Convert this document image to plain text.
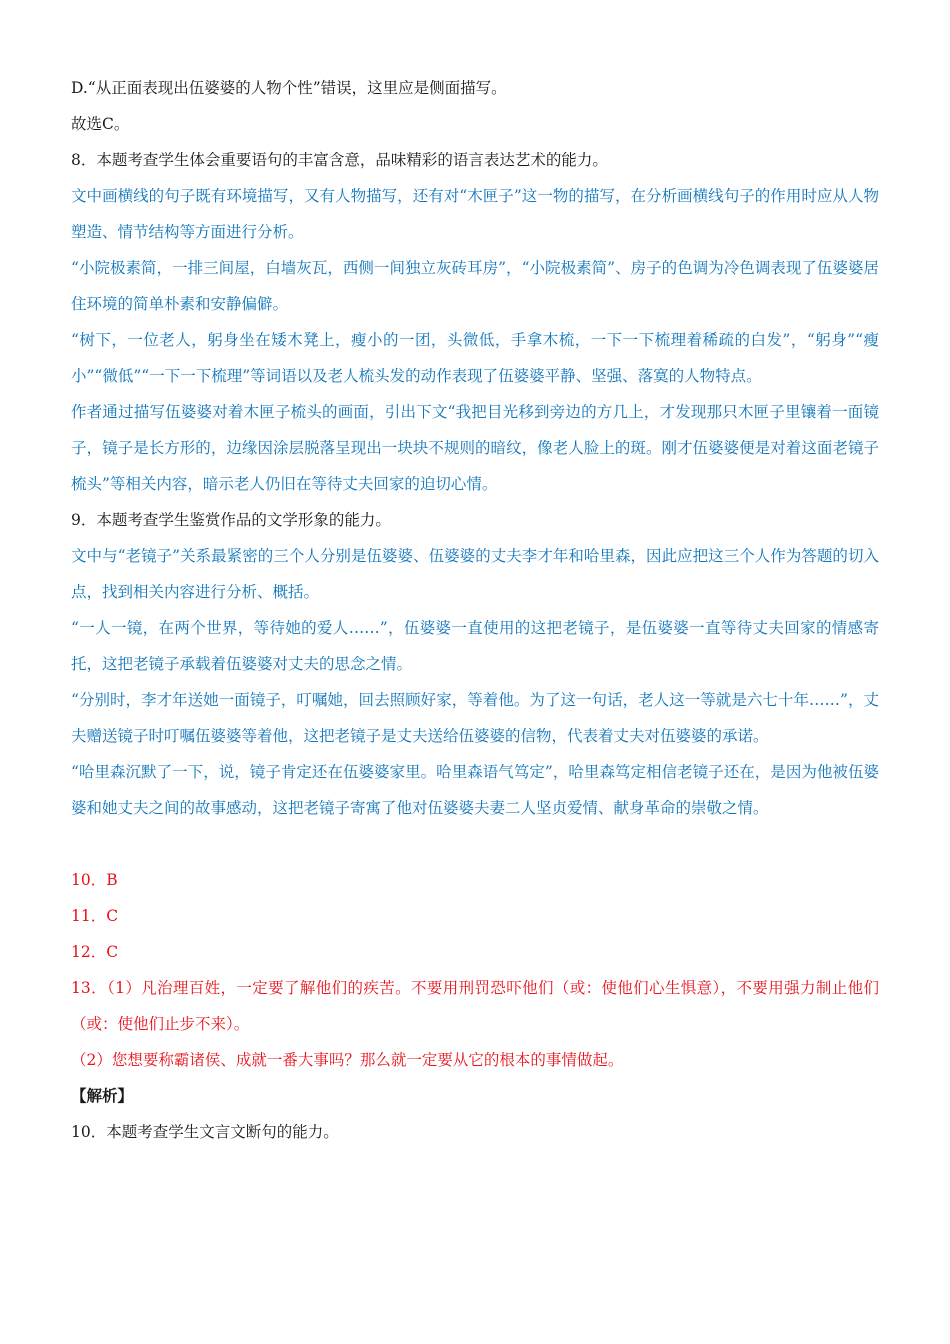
D.“从正面表现出伍婆婆的人物个性”错误，这里应是侧面描写。

故选C。

8．本题考查学生体会重要语句的丰富含意，品味精彩的语言表达艺术的能力。

文中画横线的句子既有环境描写，又有人物描写，还有对“木匣子”这一物的描写，在分析画横线句子的作用时应从人物塑造、情节结构等方面进行分析。

“小院极素简，一排三间屋，白墙灰瓦，西侧一间独立灰砖耳房”，“小院极素简”、房子的色调为冷色调表现了伍婆婆居住环境的简单朴素和安静偏僻。

“树下，一位老人，躬身坐在矮木凳上，瘦小的一团，头微低，手拿木梳，一下一下梳理着稀疏的白发”，“躬身”“瘦小”“微低”“一下一下梳理”等词语以及老人梳头发的动作表现了伍婆婆平静、坚强、落寞的人物特点。

作者通过描写伍婆婆对着木匣子梳头的画面，引出下文“我把目光移到旁边的方几上，才发现那只木匣子里镶着一面镜子，镜子是长方形的，边缘因涂层脱落呈现出一块块不规则的暗纹，像老人脸上的斑。刚才伍婆婆便是对着这面老镜子梳头”等相关内容，暗示老人仍旧在等待丈夫回家的迫切心情。

9．本题考查学生鉴赏作品的文学形象的能力。

文中与“老镜子”关系最紧密的三个人分别是伍婆婆、伍婆婆的丈夫李才年和哈里森，因此应把这三个人作为答题的切入点，找到相关内容进行分析、概括。

“一人一镜，在两个世界，等待她的爱人……”，伍婆婆一直使用的这把老镜子，是伍婆婆一直等待丈夫回家的情感寄托，这把老镜子承载着伍婆婆对丈夫的思念之情。

“分别时，李才年送她一面镜子，叮嘱她，回去照顾好家，等着他。为了这一句话，老人这一等就是六七十年……”，丈夫赠送镜子时叮嘱伍婆婆等着他，这把老镜子是丈夫送给伍婆婆的信物，代表着丈夫对伍婆婆的承诺。

“哈里森沉默了一下，说，镜子肯定还在伍婆婆家里。哈里森语气笃定”，哈里森笃定相信老镜子还在，是因为他被伍婆婆和她丈夫之间的故事感动，这把老镜子寄寓了他对伍婆婆夫妻二人坚贞爱情、献身革命的崇敬之情。

10．B

11．C

12．C

13．（1）凡治理百姓，一定要了解他们的疾苦。不要用刑罚恐吓他们（或：使他们心生惧意），不要用强力制止他们（或：使他们止步不来）。

（2）您想要称霸诸侯、成就一番大事吗？那么就一定要从它的根本的事情做起。

【解析】

10．本题考查学生文言文断句的能力。
